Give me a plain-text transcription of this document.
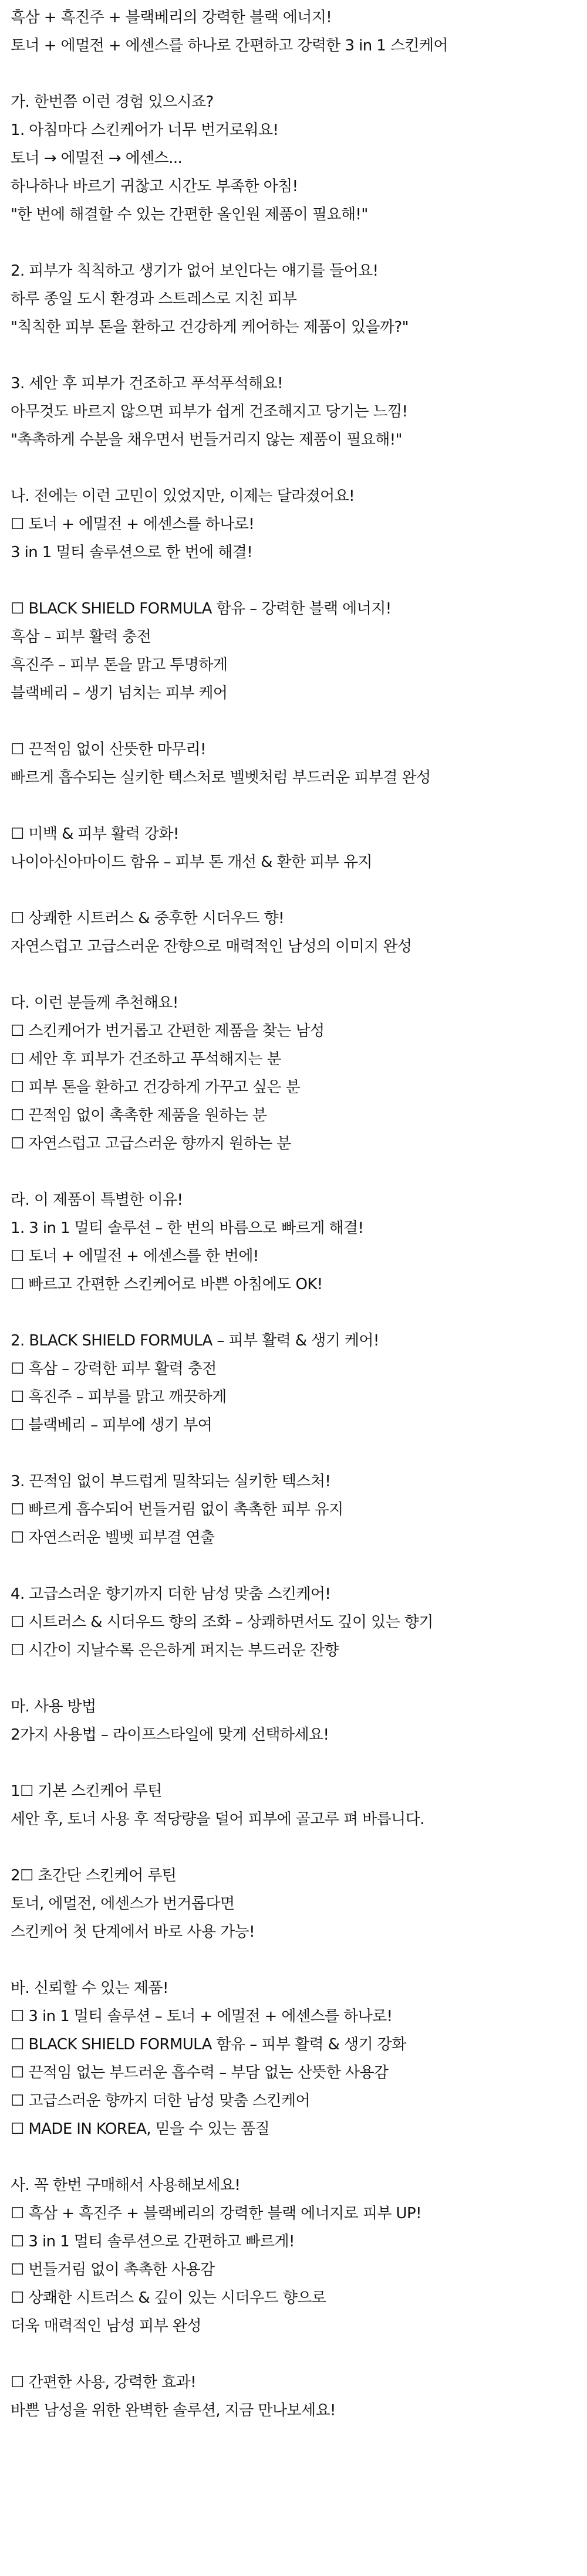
흑삼 + 흑진주 + 블랙베리의 강력한 블랙 에너지!
토너 + 에멀전 + 에센스를 하나로 간편하고 강력한 3 in 1 스킨케어
가. 한번쯤 이런 경험 있으시죠?
1. 아침마다 스킨케어가 너무 번거로워요!
토너 → 에멀전 → 에센스...
하나하나 바르기 귀찮고 시간도 부족한 아침!
"한 번에 해결할 수 있는 간편한 올인원 제품이 필요해!"
2. 피부가 칙칙하고 생기가 없어 보인다는 얘기를 들어요!
하루 종일 도시 환경과 스트레스로 지친 피부
"칙칙한 피부 톤을 환하고 건강하게 케어하는 제품이 있을까?"
3. 세안 후 피부가 건조하고 푸석푸석해요!
아무것도 바르지 않으면 피부가 쉽게 건조해지고 당기는 느낌!
"촉촉하게 수분을 채우면서 번들거리지 않는 제품이 필요해!"
나. 전에는 이런 고민이 있었지만, 이제는 달라졌어요!
☐ 토너 + 에멀전 + 에센스를 하나로!
3 in 1 멀티 솔루션으로 한 번에 해결!
☐ BLACK SHIELD FORMULA 함유 – 강력한 블랙 에너지!
흑삼 – 피부 활력 충전
흑진주 – 피부 톤을 맑고 투명하게
블랙베리 – 생기 넘치는 피부 케어
☐ 끈적임 없이 산뜻한 마무리!
빠르게 흡수되는 실키한 텍스처로 벨벳처럼 부드러운 피부결 완성
☐ 미백 & 피부 활력 강화!
나이아신아마이드 함유 – 피부 톤 개선 & 환한 피부 유지
☐ 상쾌한 시트러스 & 중후한 시더우드 향!
자연스럽고 고급스러운 잔향으로 매력적인 남성의 이미지 완성
다. 이런 분들께 추천해요!
☐ 스킨케어가 번거롭고 간편한 제품을 찾는 남성
☐ 세안 후 피부가 건조하고 푸석해지는 분
☐ 피부 톤을 환하고 건강하게 가꾸고 싶은 분
☐ 끈적임 없이 촉촉한 제품을 원하는 분
☐ 자연스럽고 고급스러운 향까지 원하는 분
라. 이 제품이 특별한 이유!
1. 3 in 1 멀티 솔루션 – 한 번의 바름으로 빠르게 해결!
☐ 토너 + 에멀전 + 에센스를 한 번에!
☐ 빠르고 간편한 스킨케어로 바쁜 아침에도 OK!
2. BLACK SHIELD FORMULA – 피부 활력 & 생기 케어!
☐ 흑삼 – 강력한 피부 활력 충전
☐ 흑진주 – 피부를 맑고 깨끗하게
☐ 블랙베리 – 피부에 생기 부여
3. 끈적임 없이 부드럽게 밀착되는 실키한 텍스처!
☐ 빠르게 흡수되어 번들거림 없이 촉촉한 피부 유지
☐ 자연스러운 벨벳 피부결 연출
4. 고급스러운 향기까지 더한 남성 맞춤 스킨케어!
☐ 시트러스 & 시더우드 향의 조화 – 상쾌하면서도 깊이 있는 향기
☐ 시간이 지날수록 은은하게 퍼지는 부드러운 잔향
마. 사용 방법
2가지 사용법 – 라이프스타일에 맞게 선택하세요!
1☐ 기본 스킨케어 루틴
세안 후, 토너 사용 후 적당량을 덜어 피부에 골고루 펴 바릅니다.
2☐ 초간단 스킨케어 루틴
토너, 에멀전, 에센스가 번거롭다면
스킨케어 첫 단계에서 바로 사용 가능!
바. 신뢰할 수 있는 제품!
☐ 3 in 1 멀티 솔루션 – 토너 + 에멀전 + 에센스를 하나로!
☐ BLACK SHIELD FORMULA 함유 – 피부 활력 & 생기 강화
☐ 끈적임 없는 부드러운 흡수력 – 부담 없는 산뜻한 사용감
☐ 고급스러운 향까지 더한 남성 맞춤 스킨케어
☐ MADE IN KOREA, 믿을 수 있는 품질
사. 꼭 한번 구매해서 사용해보세요!
☐ 흑삼 + 흑진주 + 블랙베리의 강력한 블랙 에너지로 피부 UP!
☐ 3 in 1 멀티 솔루션으로 간편하고 빠르게!
☐ 번들거림 없이 촉촉한 사용감
☐ 상쾌한 시트러스 & 깊이 있는 시더우드 향으로
더욱 매력적인 남성 피부 완성
☐ 간편한 사용, 강력한 효과!
바쁜 남성을 위한 완벽한 솔루션, 지금 만나보세요!
